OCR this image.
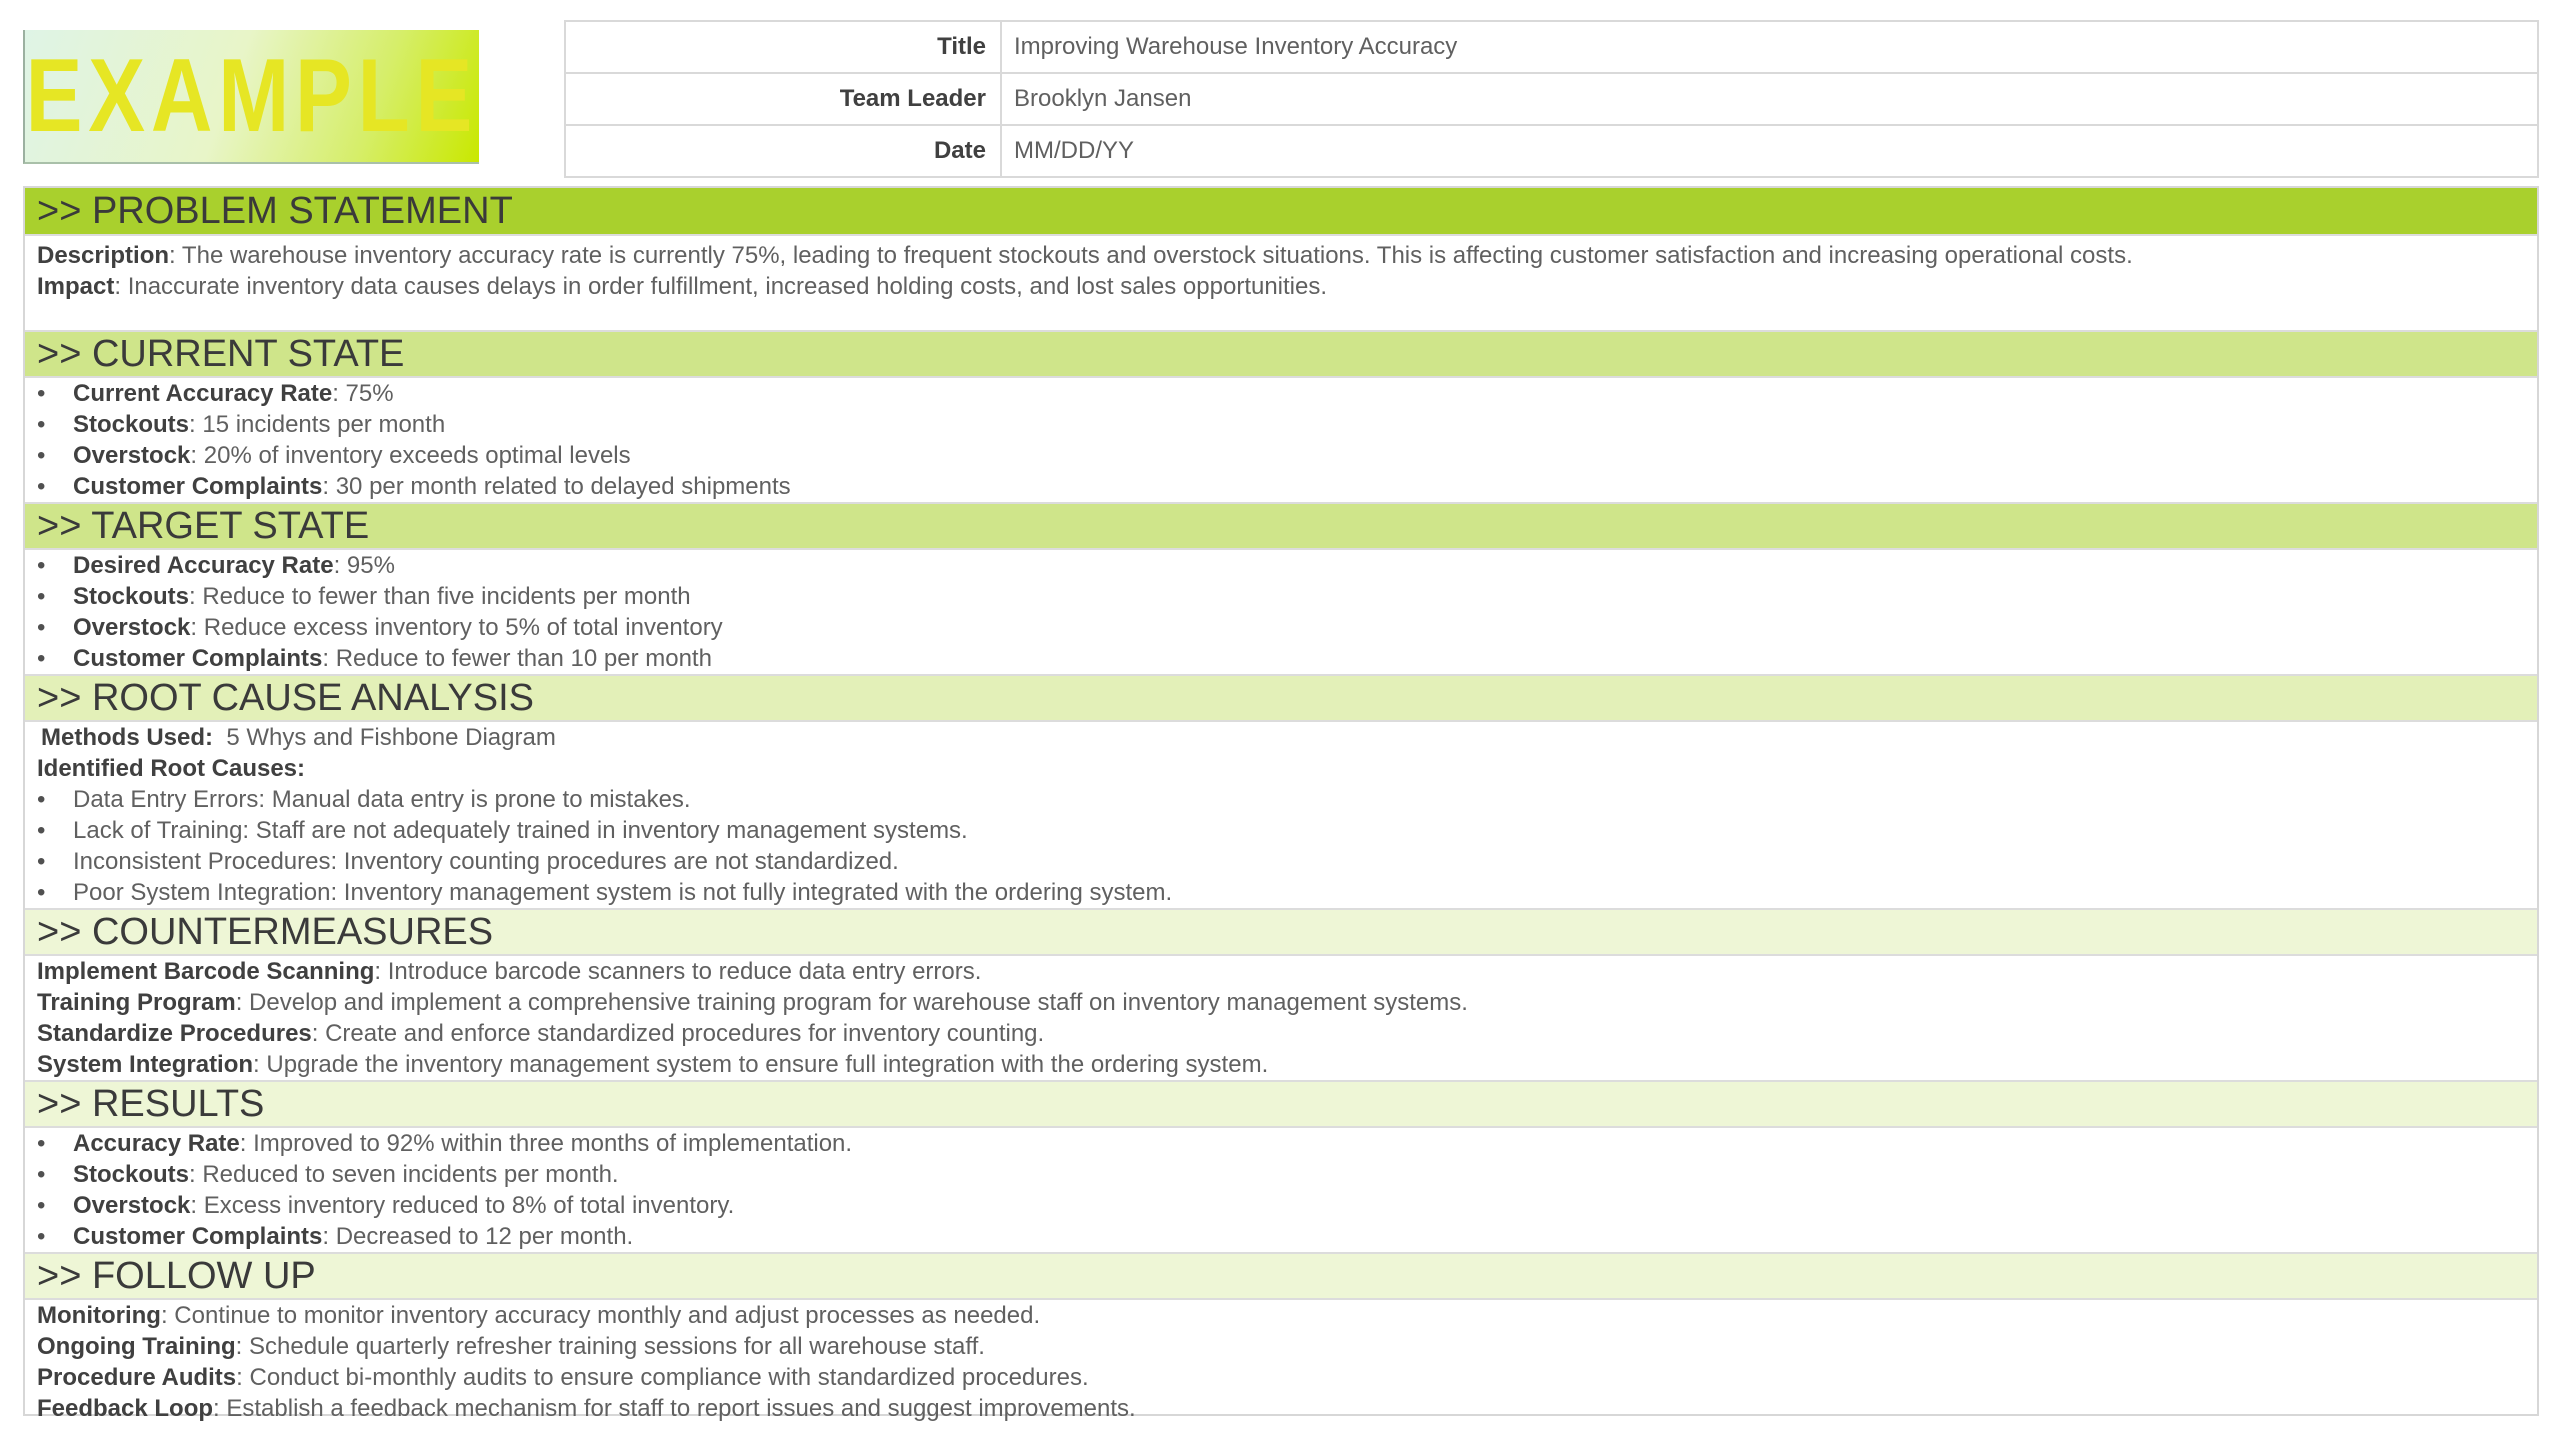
EXAMPLE	Title	Improving Warehouse Inventory Accuracy
Team Leader	Brooklyn Jansen
Date	MM/DD/YY
>> PROBLEM STATEMENT
Description: The warehouse inventory accuracy rate is currently 75%, leading to frequent stockouts and overstock situations. This is affecting customer satisfaction and increasing operational costs.
Impact: Inaccurate inventory data causes delays in order fulfillment, increased holding costs, and lost sales opportunities.
>> CURRENT STATE
• Current Accuracy Rate: 75%
• Stockouts: 15 incidents per month
• Overstock: 20% of inventory exceeds optimal levels
• Customer Complaints: 30 per month related to delayed shipments
>> TARGET STATE
• Desired Accuracy Rate: 95%
• Stockouts: Reduce to fewer than five incidents per month
• Overstock: Reduce excess inventory to 5% of total inventory
• Customer Complaints: Reduce to fewer than 10 per month
>> ROOT CAUSE ANALYSIS
Methods Used:  5 Whys and Fishbone Diagram
Identified Root Causes:
• Data Entry Errors: Manual data entry is prone to mistakes.
• Lack of Training: Staff are not adequately trained in inventory management systems.
• Inconsistent Procedures: Inventory counting procedures are not standardized.
• Poor System Integration: Inventory management system is not fully integrated with the ordering system.
>> COUNTERMEASURES
Implement Barcode Scanning: Introduce barcode scanners to reduce data entry errors.
Training Program: Develop and implement a comprehensive training program for warehouse staff on inventory management systems.
Standardize Procedures: Create and enforce standardized procedures for inventory counting.
System Integration: Upgrade the inventory management system to ensure full integration with the ordering system.
>> RESULTS
• Accuracy Rate: Improved to 92% within three months of implementation.
• Stockouts: Reduced to seven incidents per month.
• Overstock: Excess inventory reduced to 8% of total inventory.
• Customer Complaints: Decreased to 12 per month.
>> FOLLOW UP
Monitoring: Continue to monitor inventory accuracy monthly and adjust processes as needed.
Ongoing Training: Schedule quarterly refresher training sessions for all warehouse staff.
Procedure Audits: Conduct bi-monthly audits to ensure compliance with standardized procedures.
Feedback Loop: Establish a feedback mechanism for staff to report issues and suggest improvements.
